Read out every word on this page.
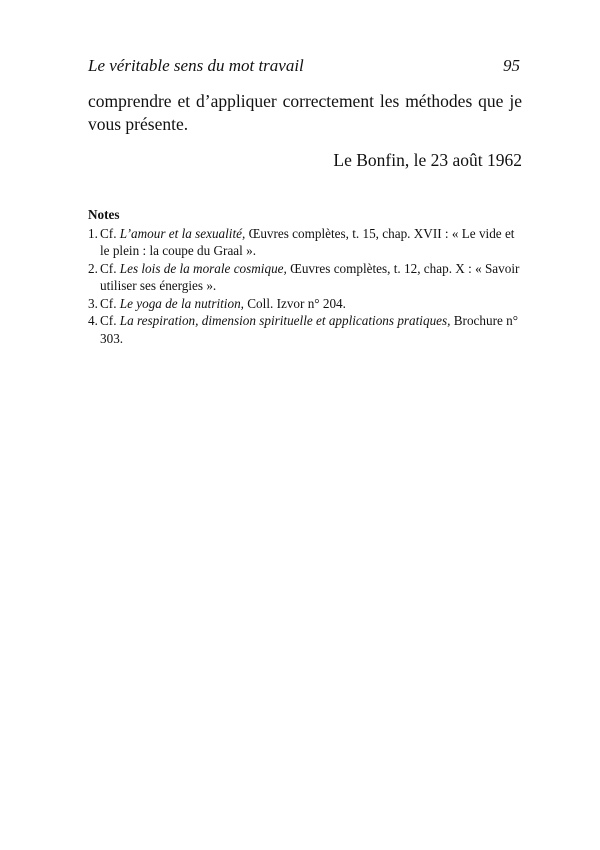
Le véritable sens du mot travail	95

comprendre et d’appliquer correctement les méthodes que je
vous présente.

Le Bonfin, le 23 août 1962
Notes
1. Cf. L’amour et la sexualité, Œuvres complètes, t. 15, chap. XVII : « Le vide et le plein : la coupe du Graal ».
2. Cf. Les lois de la morale cosmique, Œuvres complètes, t. 12, chap. X : « Savoir utiliser ses énergies ».
3. Cf. Le yoga de la nutrition, Coll. Izvor n° 204.
4. Cf. La respiration, dimension spirituelle et applications pratiques, Brochure n° 303.
